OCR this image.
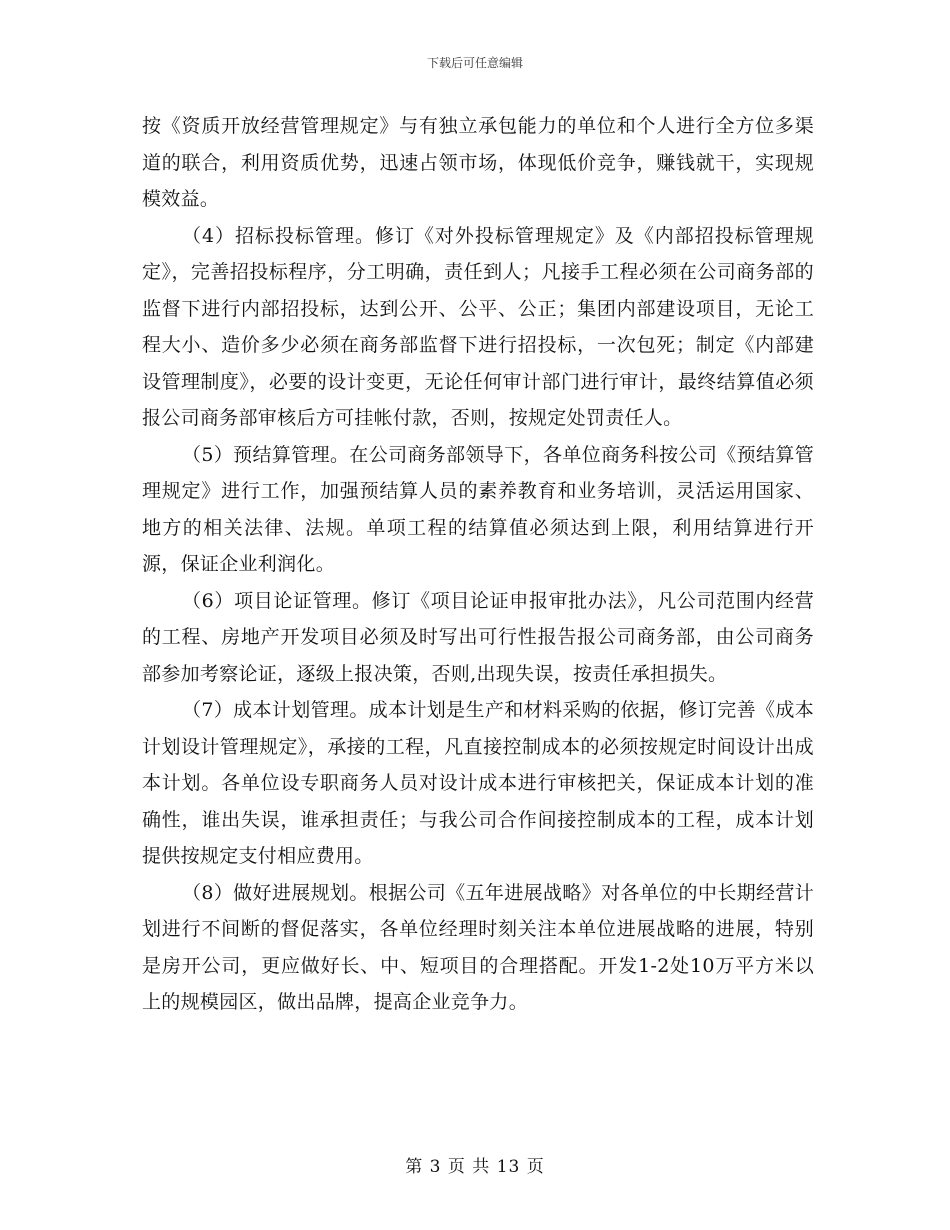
下载后可任意编辑

按《资质开放经营管理规定》与有独立承包能力的单位和个人进行全方位多渠道的联合，利用资质优势，迅速占领市场，体现低价竞争，赚钱就干，实现规模效益。

（4）招标投标管理。修订《对外投标管理规定》及《内部招投标管理规定》，完善招投标程序，分工明确，责任到人；凡接手工程必须在公司商务部的监督下进行内部招投标，达到公开、公平、公正；集团内部建设项目，无论工程大小、造价多少必须在商务部监督下进行招投标，一次包死；制定《内部建设管理制度》，必要的设计变更，无论任何审计部门进行审计，最终结算值必须报公司商务部审核后方可挂帐付款，否则，按规定处罚责任人。

（5）预结算管理。在公司商务部领导下，各单位商务科按公司《预结算管理规定》进行工作，加强预结算人员的素养教育和业务培训，灵活运用国家、地方的相关法律、法规。单项工程的结算值必须达到上限，利用结算进行开源，保证企业利润化。

（6）项目论证管理。修订《项目论证申报审批办法》，凡公司范围内经营的工程、房地产开发项目必须及时写出可行性报告报公司商务部，由公司商务部参加考察论证，逐级上报决策，否则,出现失误，按责任承担损失。

（7）成本计划管理。成本计划是生产和材料采购的依据，修订完善《成本计划设计管理规定》，承接的工程，凡直接控制成本的必须按规定时间设计出成本计划。各单位设专职商务人员对设计成本进行审核把关，保证成本计划的准确性，谁出失误，谁承担责任；与我公司合作间接控制成本的工程，成本计划提供按规定支付相应费用。

（8）做好进展规划。根据公司《五年进展战略》对各单位的中长期经营计划进行不间断的督促落实，各单位经理时刻关注本单位进展战略的进展，特别是房开公司，更应做好长、中、短项目的合理搭配。开发1-2处10万平方米以上的规模园区，做出品牌，提高企业竞争力。

第 3 页 共 13 页
